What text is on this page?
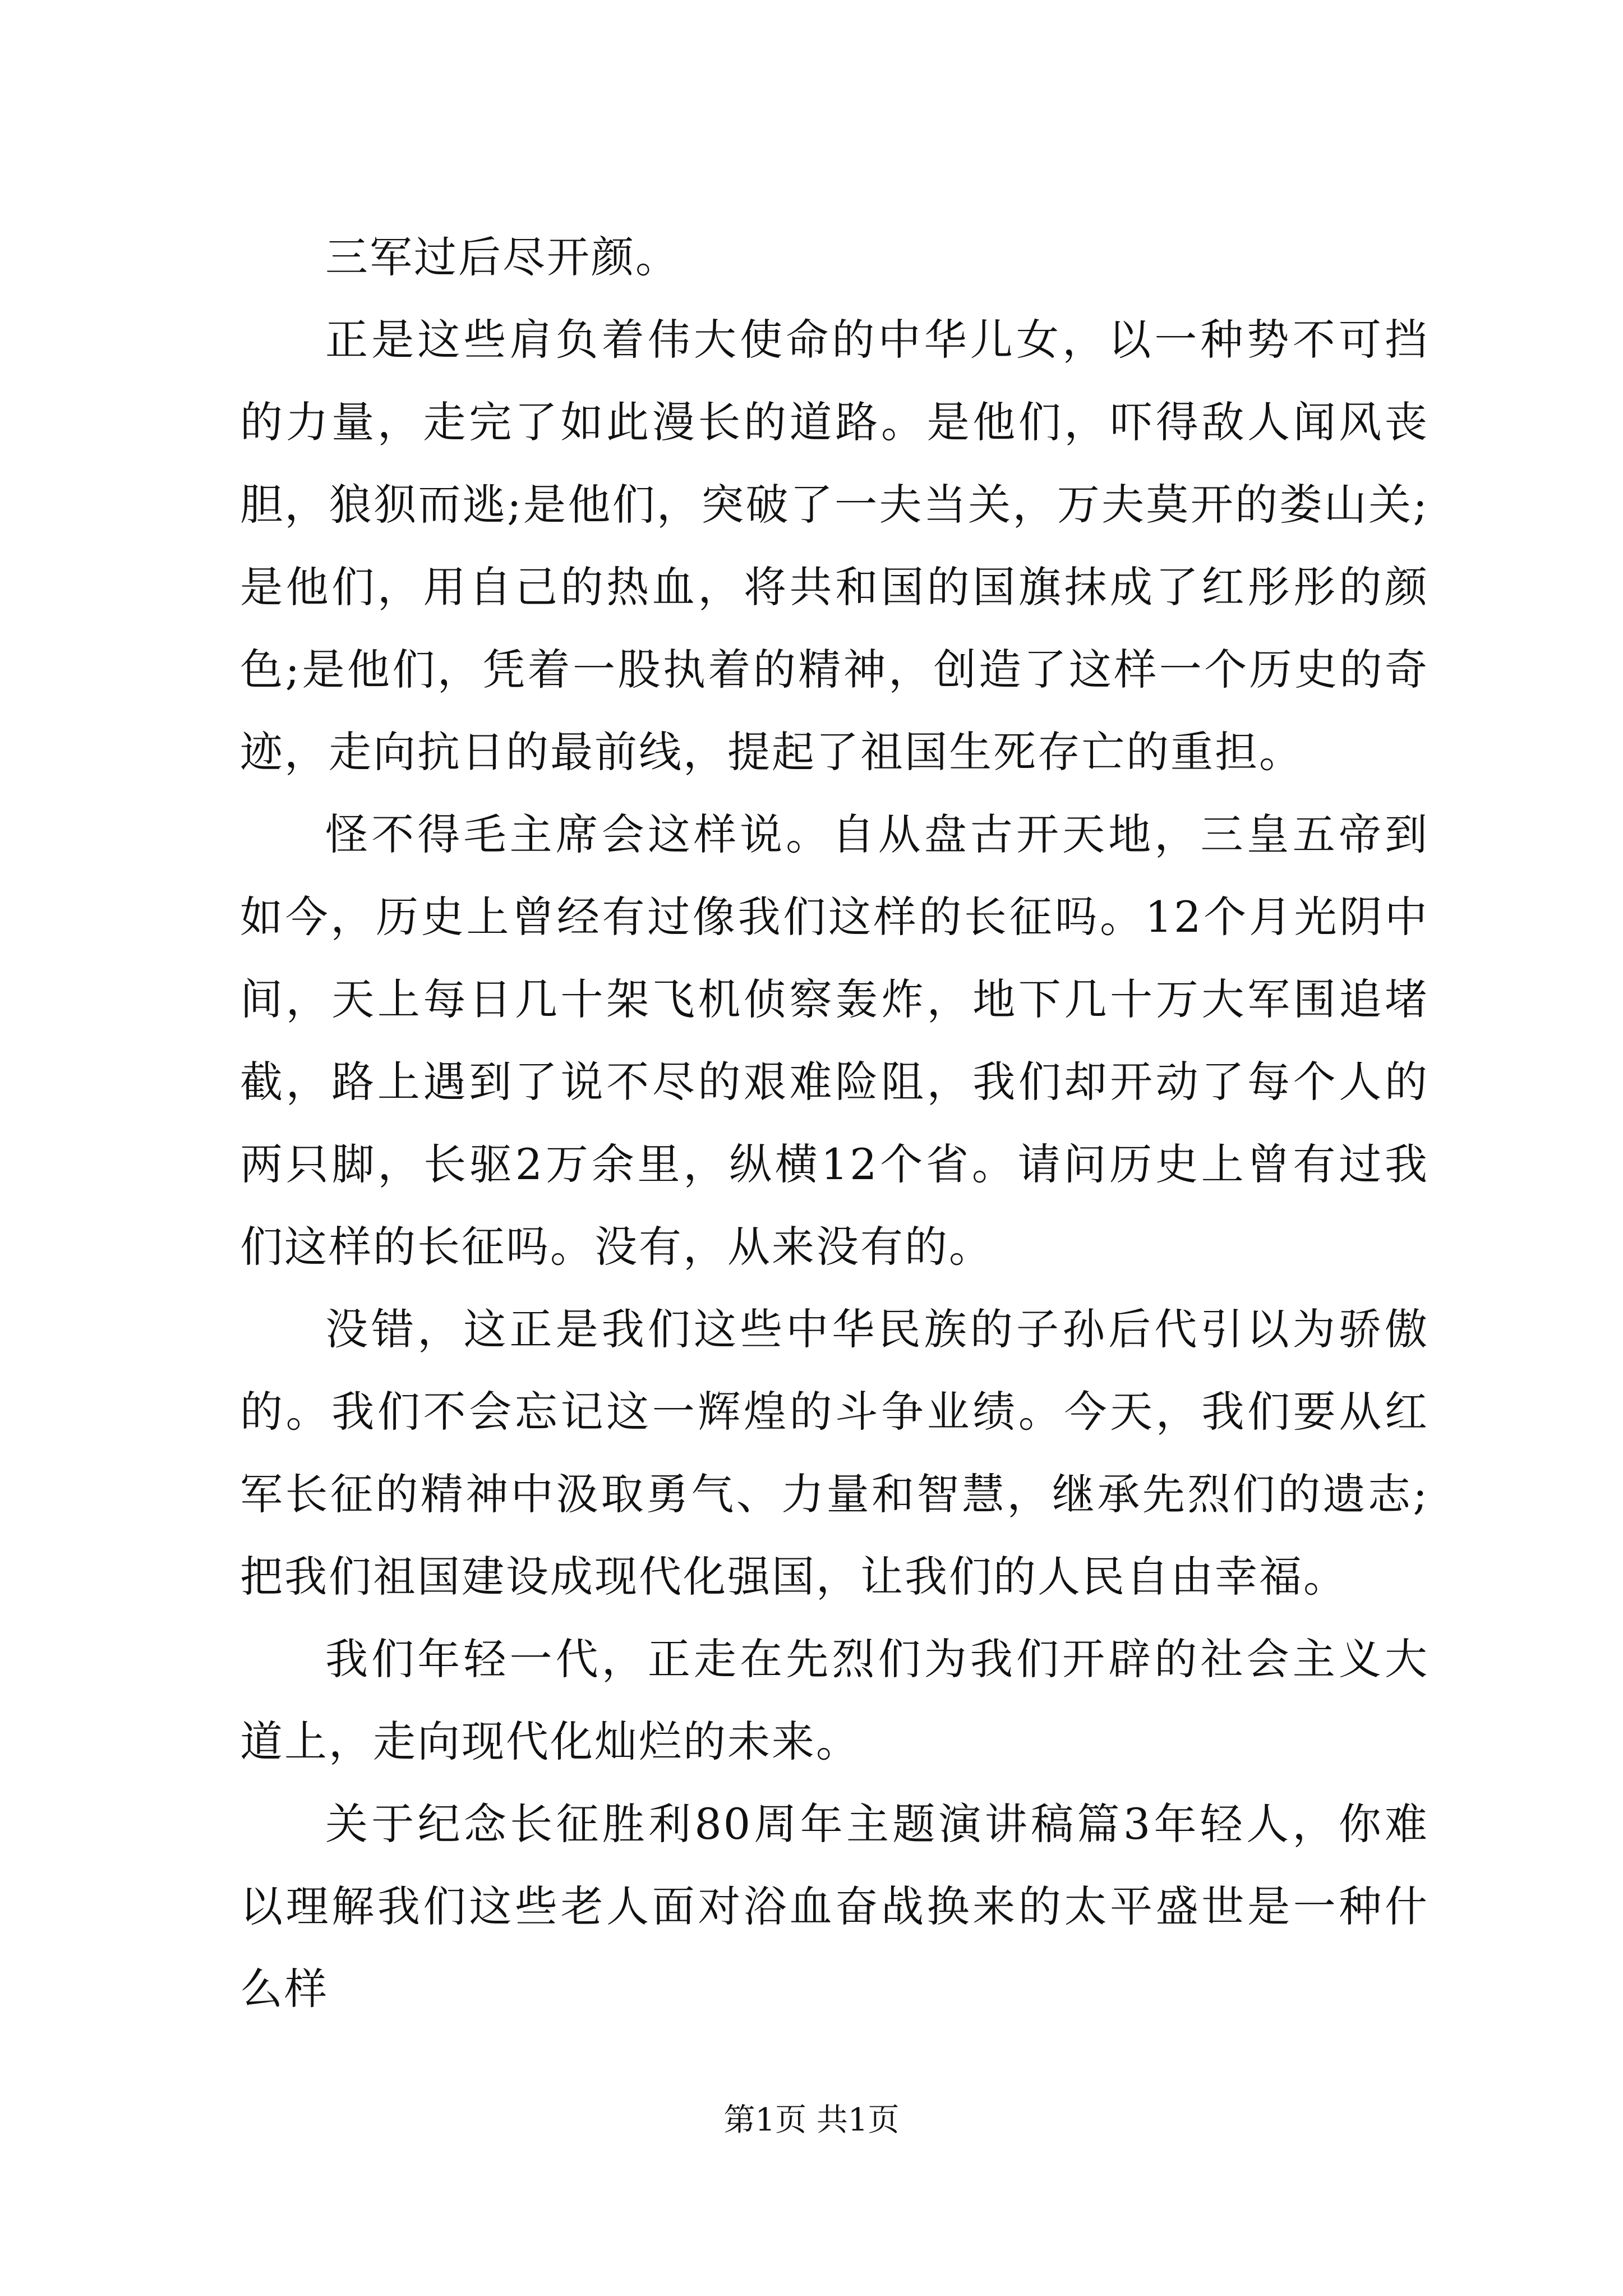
三军过后尽开颜。

正是这些肩负着伟大使命的中华儿女，以一种势不可挡的力量，走完了如此漫长的道路。是他们，吓得敌人闻风丧胆，狼狈而逃;是他们，突破了一夫当关，万夫莫开的娄山关;是他们，用自己的热血，将共和国的国旗抹成了红彤彤的颜色;是他们，凭着一股执着的精神，创造了这样一个历史的奇迹，走向抗日的最前线，提起了祖国生死存亡的重担。

怪不得毛主席会这样说。自从盘古开天地，三皇五帝到如今，历史上曾经有过像我们这样的长征吗。12个月光阴中间，天上每日几十架飞机侦察轰炸，地下几十万大军围追堵截，路上遇到了说不尽的艰难险阻，我们却开动了每个人的两只脚，长驱2万余里，纵横12个省。请问历史上曾有过我们这样的长征吗。没有，从来没有的。

没错，这正是我们这些中华民族的子孙后代引以为骄傲的。我们不会忘记这一辉煌的斗争业绩。今天，我们要从红军长征的精神中汲取勇气、力量和智慧，继承先烈们的遗志;把我们祖国建设成现代化强国，让我们的人民自由幸福。

我们年轻一代，正走在先烈们为我们开辟的社会主义大道上，走向现代化灿烂的未来。

关于纪念长征胜利80周年主题演讲稿篇3年轻人，你难以理解我们这些老人面对浴血奋战换来的太平盛世是一种什么样

第1页 共1页
